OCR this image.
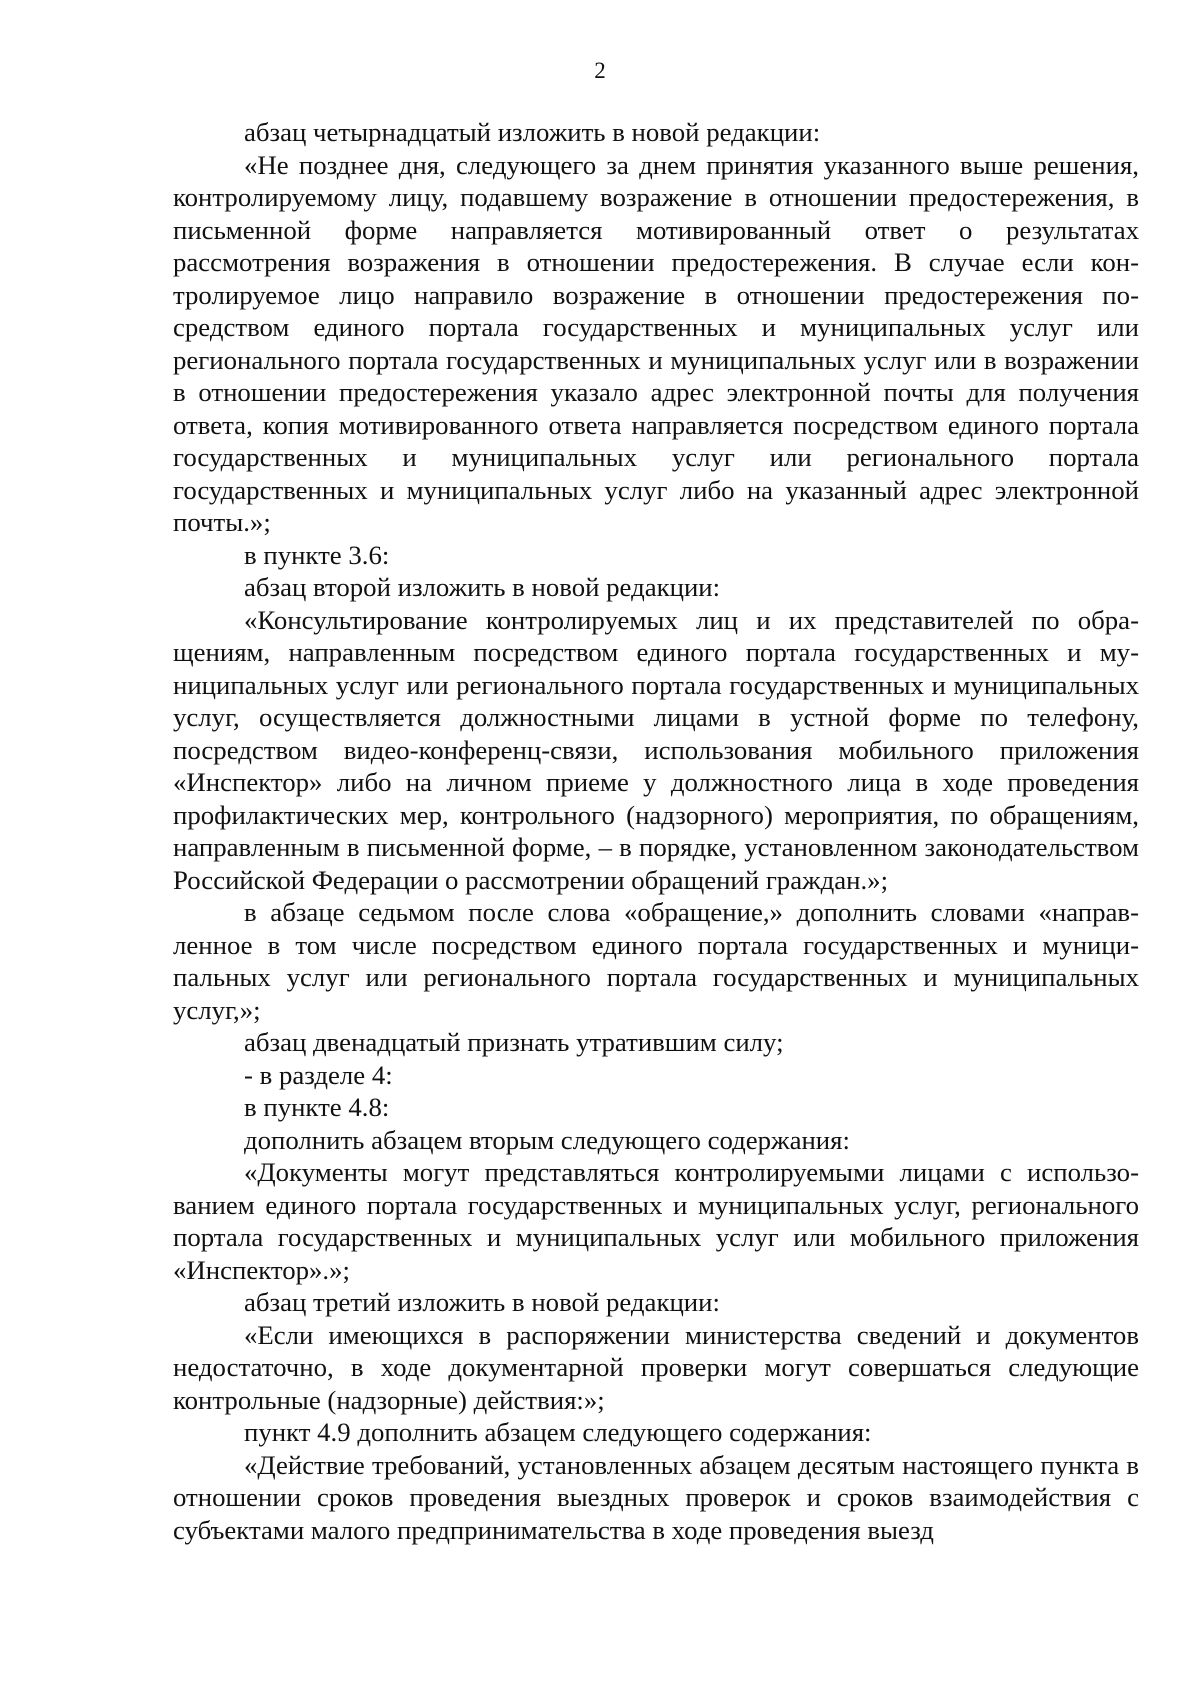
2

абзац четырнадцатый изложить в новой редакции:

«Не позднее дня, следующего за днем принятия указанного выше решения, контролируемому лицу, подавшему возражение в отношении предостережения, в письменной форме направляется мотивированный ответ о результатах рассмотрения возражения в отношении предостережения. В случае если контролируемое лицо направило возражение в отношении предостережения посредством единого портала государственных и муниципальных услуг или регионального портала государственных и муниципальных услуг или в возражении в отношении предостережения указало адрес электронной почты для получения ответа, копия мотивированного ответа направляется посредством единого портала государственных и муниципальных услуг или регионального портала государственных и муниципальных услуг либо на указанный адрес электронной почты.»;

в пункте 3.6:

абзац второй изложить в новой редакции:

«Консультирование контролируемых лиц и их представителей по обращениям, направленным посредством единого портала государственных и муниципальных услуг или регионального портала государственных и муниципальных услуг, осуществляется должностными лицами в устной форме по телефону, посредством видео-конференц-связи, использования мобильного приложения «Инспектор» либо на личном приеме у должностного лица в ходе проведения профилактических мер, контрольного (надзорного) мероприятия, по обращениям, направленным в письменной форме, – в порядке, установленном законодательством Российской Федерации о рассмотрении обращений граждан.»;

в абзаце седьмом после слова «обращение,» дополнить словами «направленное в том числе посредством единого портала государственных и муниципальных услуг или регионального портала государственных и муниципальных услуг,»;

абзац двенадцатый признать утратившим силу;

- в разделе 4:

в пункте 4.8:

дополнить абзацем вторым следующего содержания:

«Документы могут представляться контролируемыми лицами с использованием единого портала государственных и муниципальных услуг, регионального портала государственных и муниципальных услуг или мобильного приложения «Инспектор».»;

абзац третий изложить в новой редакции:

«Если имеющихся в распоряжении министерства сведений и документов недостаточно, в ходе документарной проверки могут совершаться следующие контрольные (надзорные) действия:»;

пункт 4.9 дополнить абзацем следующего содержания:

«Действие требований, установленных абзацем десятым настоящего пункта в отношении сроков проведения выездных проверок и сроков взаимодействия с субъектами малого предпринимательства в ходе проведения выезд
